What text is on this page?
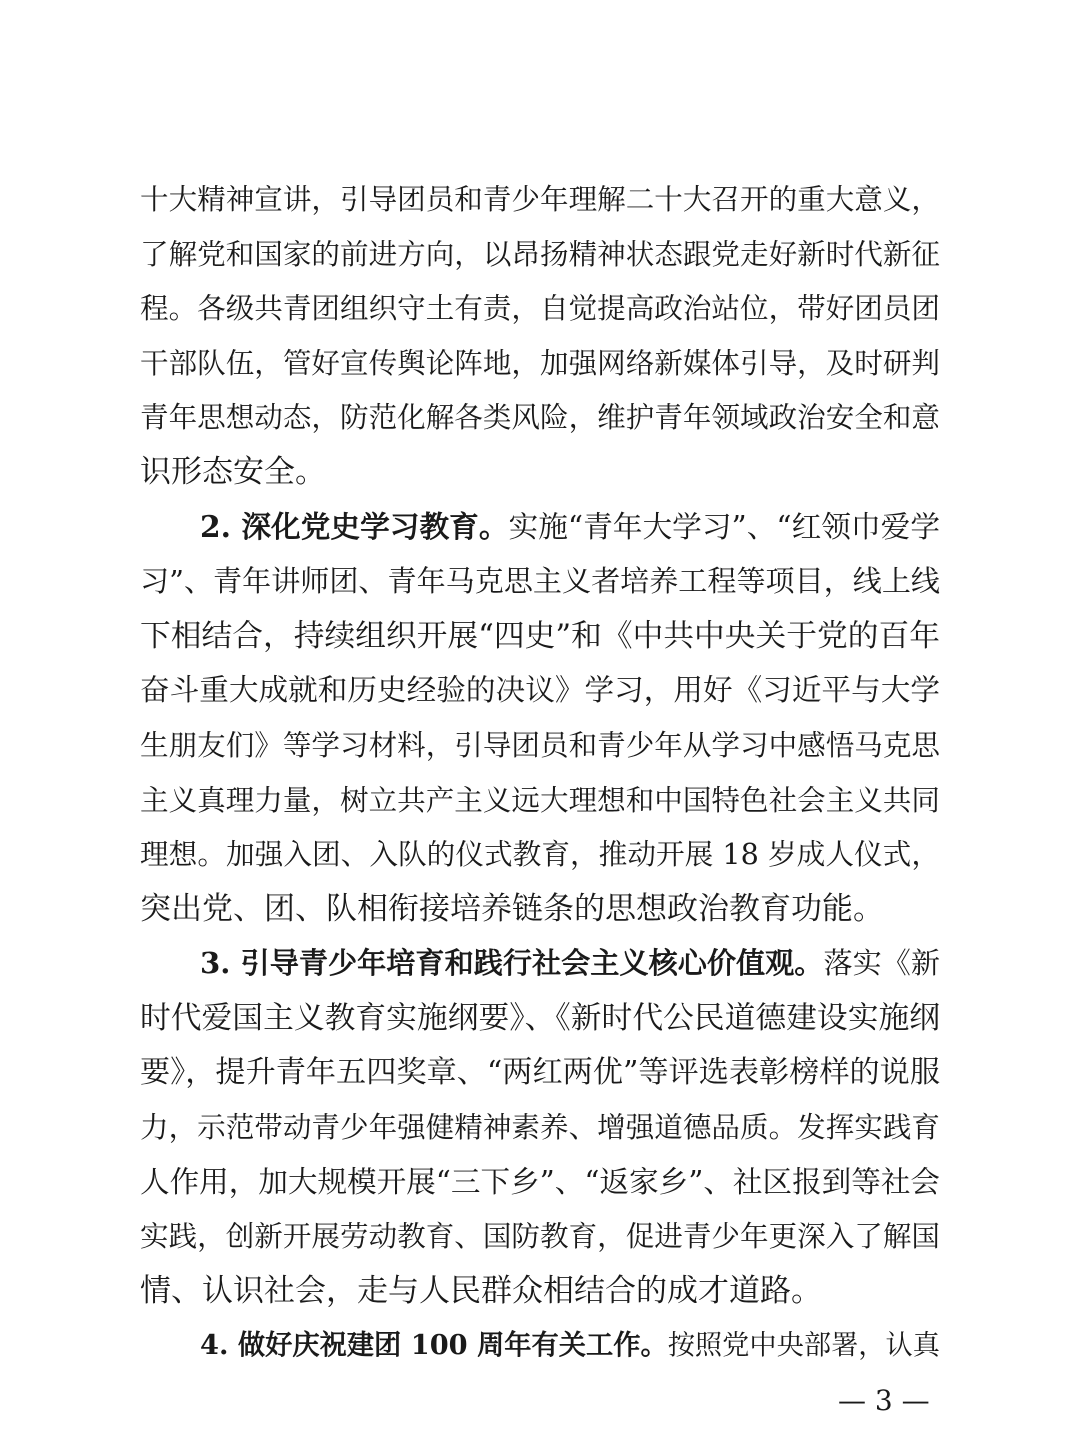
十大精神宣讲，引导团员和青少年理解二十大召开的重大意义，
了解党和国家的前进方向，以昂扬精神状态跟党走好新时代新征
程。各级共青团组织守土有责，自觉提高政治站位，带好团员团
干部队伍，管好宣传舆论阵地，加强网络新媒体引导，及时研判
青年思想动态，防范化解各类风险，维护青年领域政治安全和意
识形态安全。
2. 深化党史学习教育。实施“青年大学习”、“红领巾爱学
习”、青年讲师团、青年马克思主义者培养工程等项目，线上线
下相结合，持续组织开展“四史”和《中共中央关于党的百年
奋斗重大成就和历史经验的决议》学习，用好《习近平与大学
生朋友们》等学习材料，引导团员和青少年从学习中感悟马克思
主义真理力量，树立共产主义远大理想和中国特色社会主义共同
理想。加强入团、入队的仪式教育，推动开展 18 岁成人仪式，
突出党、团、队相衔接培养链条的思想政治教育功能。
3. 引导青少年培育和践行社会主义核心价值观。落实《新
时代爱国主义教育实施纲要》、《新时代公民道德建设实施纲
要》，提升青年五四奖章、“两红两优”等评选表彰榜样的说服
力，示范带动青少年强健精神素养、增强道德品质。发挥实践育
人作用，加大规模开展“三下乡”、“返家乡”、社区报到等社会
实践，创新开展劳动教育、国防教育，促进青少年更深入了解国
情、认识社会，走与人民群众相结合的成才道路。
4. 做好庆祝建团 100 周年有关工作。按照党中央部署，认真
— 3 —
